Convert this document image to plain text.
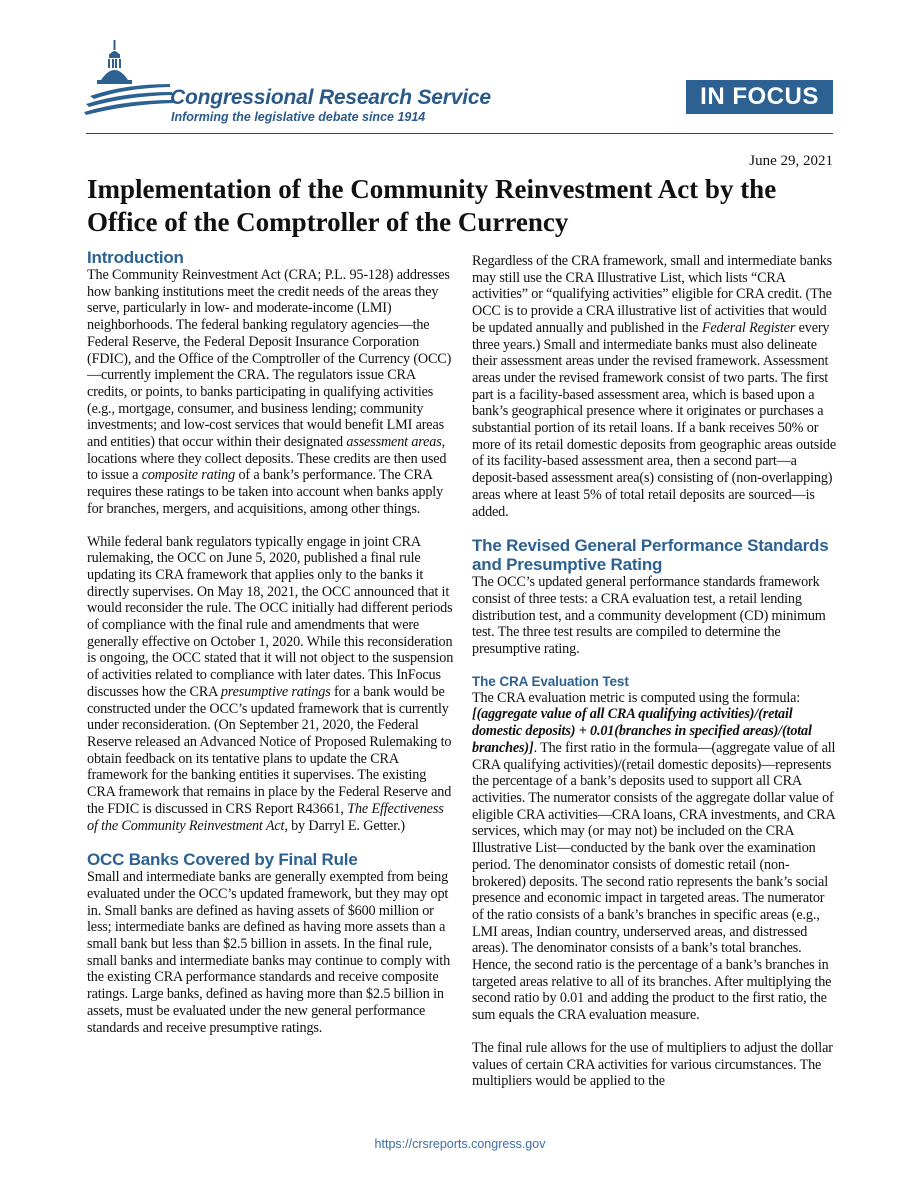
Congressional Research Service
Informing the legislative debate since 1914
IN FOCUS
June 29, 2021
Implementation of the Community Reinvestment Act by the Office of the Comptroller of the Currency
Introduction

The Community Reinvestment Act (CRA; P.L. 95-128) addresses how banking institutions meet the credit needs of the areas they serve, particularly in low- and moderate-income (LMI) neighborhoods. The federal banking regulatory agencies—the Federal Reserve, the Federal Deposit Insurance Corporation (FDIC), and the Office of the Comptroller of the Currency (OCC)—currently implement the CRA. The regulators issue CRA credits, or points, to banks participating in qualifying activities (e.g., mortgage, consumer, and business lending; community investments; and low-cost services that would benefit LMI areas and entities) that occur within their designated assessment areas, locations where they collect deposits. These credits are then used to issue a composite rating of a bank’s performance. The CRA requires these ratings to be taken into account when banks apply for branches, mergers, and acquisitions, among other things.

While federal bank regulators typically engage in joint CRA rulemaking, the OCC on June 5, 2020, published a final rule updating its CRA framework that applies only to the banks it directly supervises. On May 18, 2021, the OCC announced that it would reconsider the rule. The OCC initially had different periods of compliance with the final rule and amendments that were generally effective on October 1, 2020. While this reconsideration is ongoing, the OCC stated that it will not object to the suspension of activities related to compliance with later dates. This InFocus discusses how the CRA presumptive ratings for a bank would be constructed under the OCC’s updated framework that is currently under reconsideration. (On September 21, 2020, the Federal Reserve released an Advanced Notice of Proposed Rulemaking to obtain feedback on its tentative plans to update the CRA framework for the banking entities it supervises. The existing CRA framework that remains in place by the Federal Reserve and the FDIC is discussed in CRS Report R43661, The Effectiveness of the Community Reinvestment Act, by Darryl E. Getter.)

OCC Banks Covered by Final Rule

Small and intermediate banks are generally exempted from being evaluated under the OCC’s updated framework, but they may opt in. Small banks are defined as having assets of $600 million or less; intermediate banks are defined as having more assets than a small bank but less than $2.5 billion in assets. In the final rule, small banks and intermediate banks may continue to comply with the existing CRA performance standards and receive composite ratings. Large banks, defined as having more than $2.5 billion in assets, must be evaluated under the new general performance standards and receive presumptive ratings.

Regardless of the CRA framework, small and intermediate banks may still use the CRA Illustrative List, which lists “CRA activities” or “qualifying activities” eligible for CRA credit. (The OCC is to provide a CRA illustrative list of activities that would be updated annually and published in the Federal Register every three years.) Small and intermediate banks must also delineate their assessment areas under the revised framework. Assessment areas under the revised framework consist of two parts. The first part is a facility-based assessment area, which is based upon a bank’s geographical presence where it originates or purchases a substantial portion of its retail loans. If a bank receives 50% or more of its retail domestic deposits from geographic areas outside of its facility-based assessment area, then a second part—a deposit-based assessment area(s) consisting of (non-overlapping) areas where at least 5% of total retail deposits are sourced—is added.

The Revised General Performance Standards and Presumptive Rating

The OCC’s updated general performance standards framework consist of three tests: a CRA evaluation test, a retail lending distribution test, and a community development (CD) minimum test. The three test results are compiled to determine the presumptive rating.

The CRA Evaluation Test

The CRA evaluation metric is computed using the formula: [(aggregate value of all CRA qualifying activities)/(retail domestic deposits) + 0.01(branches in specified areas)/(total branches)]. The first ratio in the formula—(aggregate value of all CRA qualifying activities)/(retail domestic deposits)—represents the percentage of a bank’s deposits used to support all CRA activities. The numerator consists of the aggregate dollar value of eligible CRA activities—CRA loans, CRA investments, and CRA services, which may (or may not) be included on the CRA Illustrative List—conducted by the bank over the examination period. The denominator consists of domestic retail (non-brokered) deposits. The second ratio represents the bank’s social presence and economic impact in targeted areas. The numerator of the ratio consists of a bank’s branches in specific areas (e.g., LMI areas, Indian country, underserved areas, and distressed areas). The denominator consists of a bank’s total branches. Hence, the second ratio is the percentage of a bank’s branches in targeted areas relative to all of its branches. After multiplying the second ratio by 0.01 and adding the product to the first ratio, the sum equals the CRA evaluation measure.

The final rule allows for the use of multipliers to adjust the dollar values of certain CRA activities for various circumstances. The multipliers would be applied to the

https://crsreports.congress.gov
